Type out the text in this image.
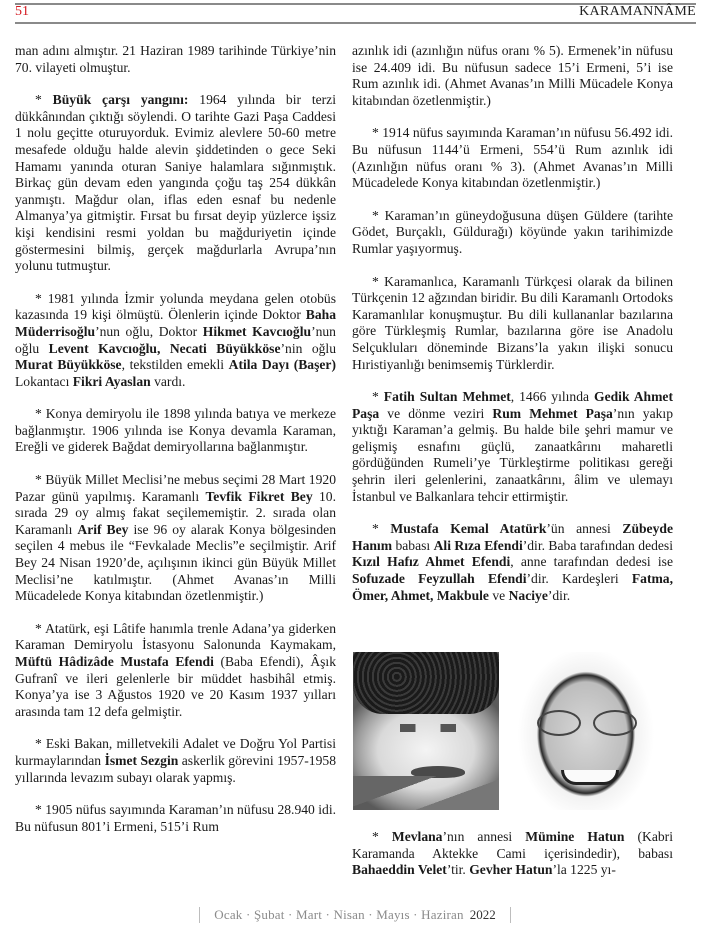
51	KARAMANNÂME

man adını almıştır. 21 Haziran 1989 tarihinde Türkiye’nin 70. vilayeti olmuştur.

* Büyük çarşı yangını: 1964 yılında bir terzi dükkânından çıktığı söylendi. O tarihte Gazi Paşa Caddesi 1 nolu geçitte oturuyorduk. Evimiz alevlere 50-60 metre mesafede olduğu halde alevin şiddetinden o gece Seki Hamamı yanında oturan Saniye halamlara sığınmıştık. Birkaç gün devam eden yangında çoğu taş 254 dükkân yanmıştı. Mağdur olan, iflas eden esnaf bu nedenle Almanya’ya gitmiştir. Fırsat bu fırsat deyip yüzlerce işsiz kişi kendisini resmi yoldan bu mağduriyetin içinde göstermesini bilmiş, gerçek mağdurlarla Avrupa’nın yolunu tutmuştur.

* 1981 yılında İzmir yolunda meydana gelen otobüs kazasında 19 kişi ölmüştü. Ölenlerin içinde Doktor Baha Müderrisoğlu’nun oğlu, Doktor Hikmet Kavcıoğlu’nun oğlu Levent Kavcıoğlu, Necati Büyükköse’nin oğlu Murat Büyükköse, tekstilden emekli Atila Dayı (Başer) Lokantacı Fikri Ayaslan vardı.

* Konya demiryolu ile 1898 yılında batıya ve merkeze bağlanmıştır. 1906 yılında ise Konya devamla Karaman, Ereğli ve giderek Bağdat demiryollarına bağlanmıştır.

* Büyük Millet Meclisi’ne mebus seçimi 28 Mart 1920 Pazar günü yapılmış. Karamanlı Tevfik Fikret Bey 10. sırada 29 oy almış fakat seçilememiştir. 2. sırada olan Karamanlı Arif Bey ise 96 oy alarak Konya bölgesinden seçilen 4 mebus ile “Fevkalade Meclis”e seçilmiştir. Arif Bey 24 Nisan 1920’de, açılışının ikinci gün Büyük Millet Meclisi’ne katılmıştır. (Ahmet Avanas’ın Milli Mücadelede Konya kitabından özetlenmiştir.)

* Atatürk, eşi Lâtife hanımla trenle Adana’ya giderken Karaman Demiryolu İstasyonu Salonunda Kaymakam, Müftü Hâdizâde Mustafa Efendi (Baba Efendi), Âşık Gufranî ve ileri gelenlerle bir müddet hasbihâl etmiş. Konya’ya ise 3 Ağustos 1920 ve 20 Kasım 1937 yılları arasında tam 12 defa gelmiştir.

* Eski Bakan, milletvekili Adalet ve Doğru Yol Partisi kurmaylarından İsmet Sezgin askerlik görevini 1957-1958 yıllarında levazım subayı olarak yapmış.

* 1905 nüfus sayımında Karaman’ın nüfusu 28.940 idi. Bu nüfusun 801’i Ermeni, 515’i Rum

azınlık idi (azınlığın nüfus oranı % 5). Ermenek’in nüfusu ise 24.409 idi. Bu nüfusun sadece 15’i Ermeni, 5’i ise Rum azınlık idi. (Ahmet Avanas’ın Milli Mücadele Konya kitabından özetlenmiştir.)

* 1914 nüfus sayımında Karaman’ın nüfusu 56.492 idi. Bu nüfusun 1144’ü Ermeni, 554’ü Rum azınlık idi (Azınlığın nüfus oranı % 3). (Ahmet Avanas’ın Milli Mücadelede Konya kitabından özetlenmiştir.)

* Karaman’ın güneydoğusuna düşen Güldere (tarihte Gödet, Burçaklı, Güldurağı) köyünde yakın tarihimizde Rumlar yaşıyormuş.

* Karamanlıca, Karamanlı Türkçesi olarak da bilinen Türkçenin 12 ağzından biridir. Bu dili Karamanlı Ortodoks Karamanlılar konuşmuştur. Bu dili kullananlar bazılarına göre Türkleşmiş Rumlar, bazılarına göre ise Anadolu Selçukluları döneminde Bizans’la yakın ilişki sonucu Hıristiyanlığı benimsemiş Türklerdir.

* Fatih Sultan Mehmet, 1466 yılında Gedik Ahmet Paşa ve dönme veziri Rum Mehmet Paşa’nın yakıp yıktığı Karaman’a gelmiş. Bu halde bile şehri mamur ve gelişmiş esnafını güçlü, zanaatkârını maharetli gördüğünden Rumeli’ye Türkleştirme politikası gereği şehrin ileri gelenlerini, zanaatkârını, âlim ve ulemayı İstanbul ve Balkanlara tehcir ettirmiştir.

* Mustafa Kemal Atatürk’ün annesi Zübeyde Hanım babası Ali Rıza Efendi’dir. Baba tarafından dedesi Kızıl Hafız Ahmet Efendi, anne tarafından dedesi ise Sofuzade Feyzullah Efendi’dir. Kardeşleri Fatma, Ömer, Ahmet, Makbule ve Naciye’dir.

* Mevlana’nın annesi Mümine Hatun (Kabri Karamanda Aktekke Cami içerisindedir), babası Bahaeddin Velet’tir. Gevher Hatun’la 1225 yı-

Ocak · Şubat · Mart · Nisan · Mayıs · Haziran 2022
